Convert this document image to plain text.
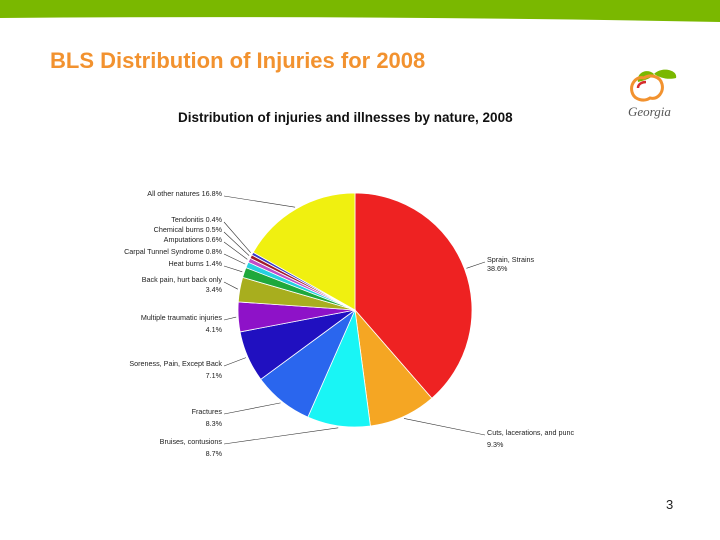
BLS Distribution of Injuries for 2008
Georgia
Distribution of injuries and illnesses by nature, 2008
Sprain, Strains
38.6%
Cuts, lacerations, and punc
9.3%
Bruises, contusions
8.7%
Fractures
8.3%
Soreness, Pain, Except Back
7.1%
Multiple traumatic injuries
4.1%
Back pain, hurt back only
3.4%
Heat burns 1.4%
Carpal Tunnel Syndrome 0.8%
Amputations 0.6%
Chemical burns 0.5%
Tendonitis 0.4%
All other natures 16.8%
3
